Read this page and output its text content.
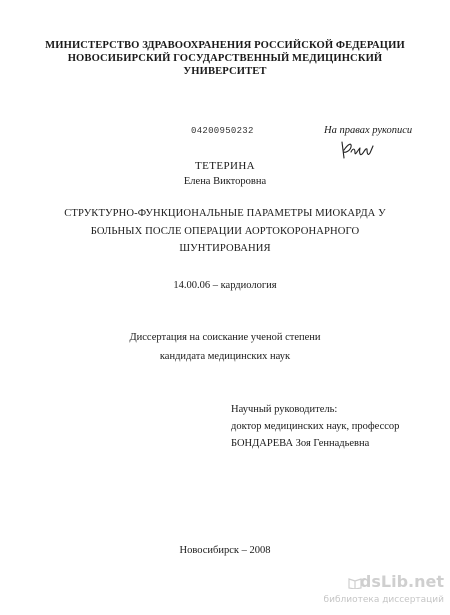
МИНИСТЕРСТВО ЗДРАВООХРАНЕНИЯ РОССИЙСКОЙ ФЕДЕРАЦИИ
НОВОСИБИРСКИЙ ГОСУДАРСТВЕННЫЙ МЕДИЦИНСКИЙ
УНИВЕРСИТЕТ
04200950232	На правах рукописи
ТЕТЕРИНА
Елена Викторовна
СТРУКТУРНО-ФУНКЦИОНАЛЬНЫЕ ПАРАМЕТРЫ МИОКАРДА У
БОЛЬНЫХ ПОСЛЕ ОПЕРАЦИИ АОРТОКОРОНАРНОГО
ШУНТИРОВАНИЯ
14.00.06 – кардиология
Диссертация на соискание ученой степени
кандидата медицинских наук
Научный руководитель:
доктор медицинских наук, профессор
БОНДАРЕВА Зоя Геннадьевна
Новосибирск – 2008
dsLib.net
библиотека диссертаций
